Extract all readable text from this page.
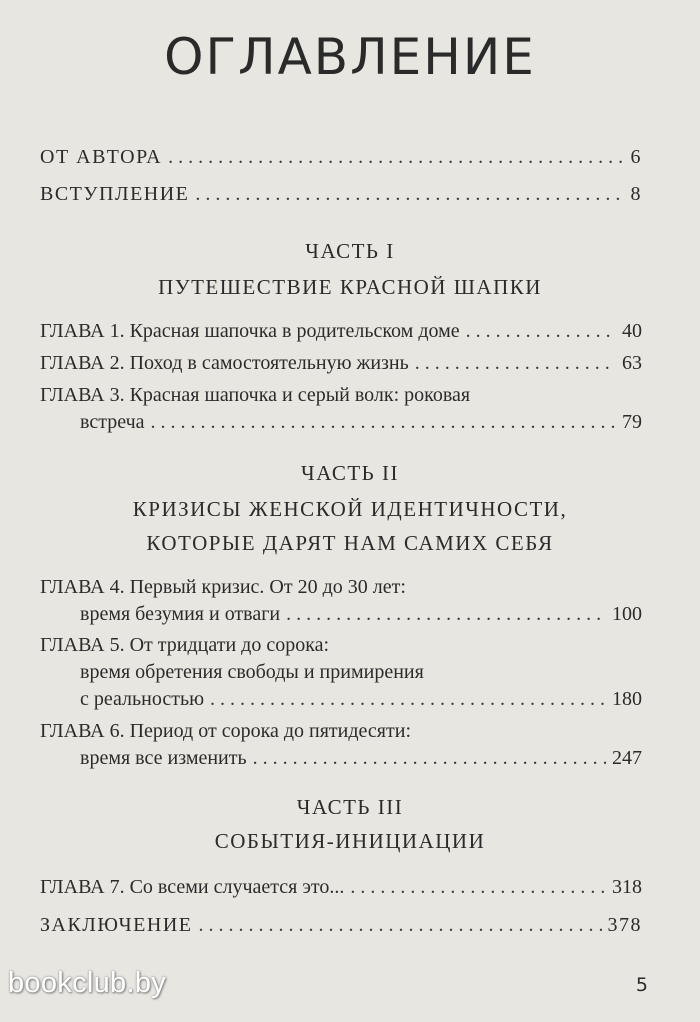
ОГЛАВЛЕНИЕ
ОТ АВТОРА . . .	6
ВСТУПЛЕНИЕ . . .	8
ЧАСТЬ I
ПУТЕШЕСТВИЕ КРАСНОЙ ШАПКИ
ГЛАВА 1. Красная шапочка в родительском доме . . .	40
ГЛАВА 2. Поход в самостоятельную жизнь . . .	63
ГЛАВА 3. Красная шапочка и серый волк: роковая
встреча . . .	79
ЧАСТЬ II
КРИЗИСЫ ЖЕНСКОЙ ИДЕНТИЧНОСТИ,
КОТОРЫЕ ДАРЯТ НАМ САМИХ СЕБЯ
ГЛАВА 4. Первый кризис. От 20 до 30 лет:
время безумия и отваги . . .	100
ГЛАВА 5. От тридцати до сорока:
время обретения свободы и примирения
с реальностью . . .	180
ГЛАВА 6. Период от сорока до пятидесяти:
время все изменить . . .	247
ЧАСТЬ III
СОБЫТИЯ-ИНИЦИАЦИИ
ГЛАВА 7. Со всеми случается это... . . .	318
ЗАКЛЮЧЕНИЕ . . .	378
bookclub.by	5
